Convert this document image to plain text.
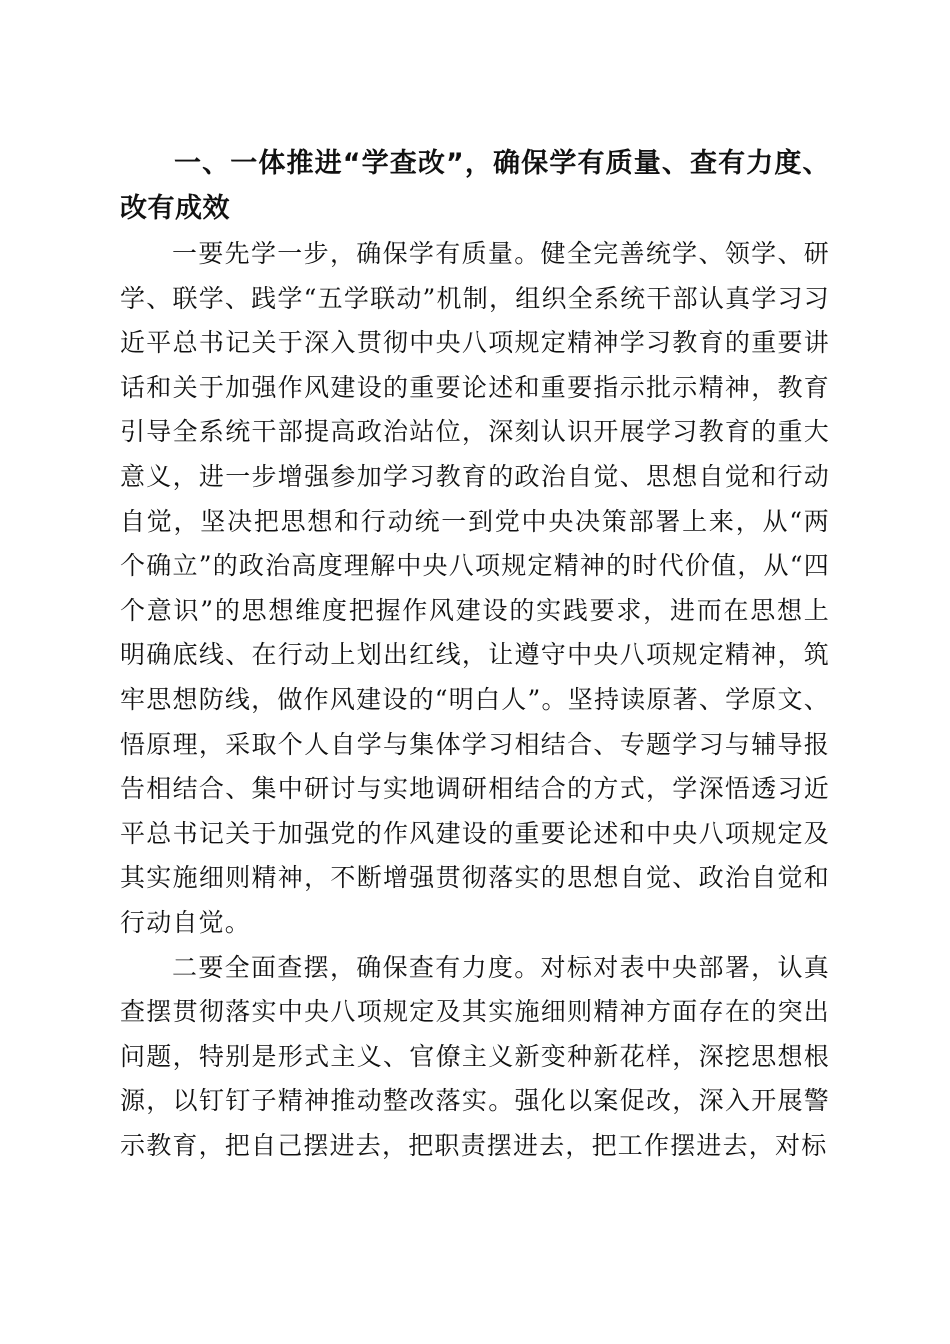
一、一体推进“学查改”，确保学有质量、查有力度、改有成效

一要先学一步，确保学有质量。健全完善统学、领学、研学、联学、践学“五学联动”机制，组织全系统干部认真学习习近平总书记关于深入贯彻中央八项规定精神学习教育的重要讲话和关于加强作风建设的重要论述和重要指示批示精神，教育引导全系统干部提高政治站位，深刻认识开展学习教育的重大意义，进一步增强参加学习教育的政治自觉、思想自觉和行动自觉，坚决把思想和行动统一到党中央决策部署上来，从“两个确立”的政治高度理解中央八项规定精神的时代价值，从“四个意识”的思想维度把握作风建设的实践要求，进而在思想上明确底线、在行动上划出红线，让遵守中央八项规定精神，筑牢思想防线，做作风建设的“明白人”。坚持读原著、学原文、悟原理，采取个人自学与集体学习相结合、专题学习与辅导报告相结合、集中研讨与实地调研相结合的方式，学深悟透习近平总书记关于加强党的作风建设的重要论述和中央八项规定及其实施细则精神，不断增强贯彻落实的思想自觉、政治自觉和行动自觉。

二要全面查摆，确保查有力度。对标对表中央部署，认真查摆贯彻落实中央八项规定及其实施细则精神方面存在的突出问题，特别是形式主义、官僚主义新变种新花样，深挖思想根源，以钉钉子精神推动整改落实。强化以案促改，深入开展警示教育，把自己摆进去，把职责摆进去，把工作摆进去，对标
